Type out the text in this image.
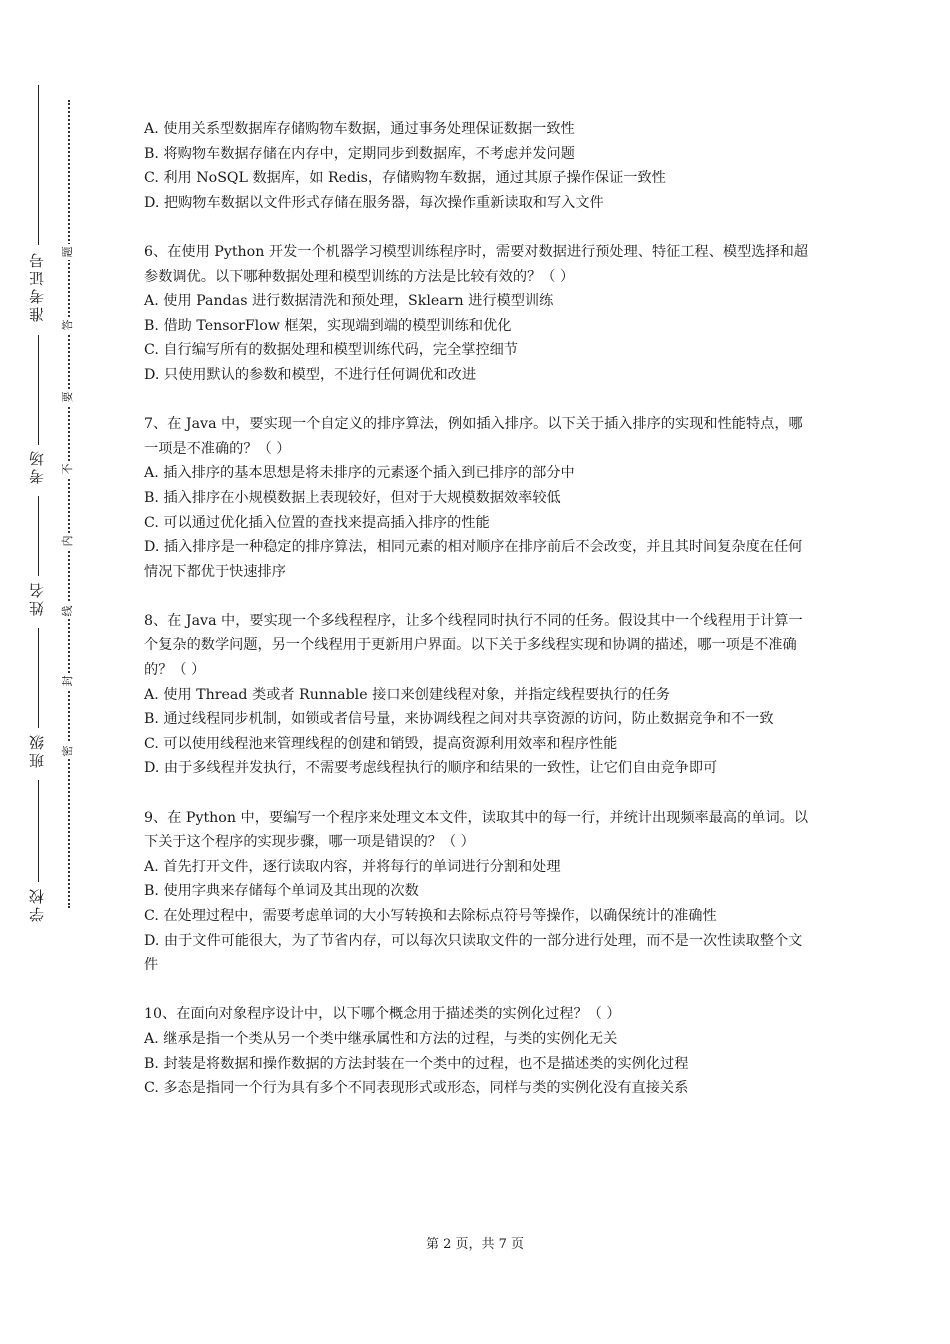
准考证号
考场
姓名
班级
学校
题
答
要
不
内
线
封
密

A. 使用关系型数据库存储购物车数据，通过事务处理保证数据一致性

B. 将购物车数据存储在内存中，定期同步到数据库，不考虑并发问题

C. 利用 NoSQL 数据库，如 Redis，存储购物车数据，通过其原子操作保证一致性

D. 把购物车数据以文件形式存储在服务器，每次操作重新读取和写入文件

6、在使用 Python 开发一个机器学习模型训练程序时，需要对数据进行预处理、特征工程、模型选择和超参数调优。以下哪种数据处理和模型训练的方法是比较有效的？（ ）

A. 使用 Pandas 进行数据清洗和预处理，Sklearn 进行模型训练

B. 借助 TensorFlow 框架，实现端到端的模型训练和优化

C. 自行编写所有的数据处理和模型训练代码，完全掌控细节

D. 只使用默认的参数和模型，不进行任何调优和改进

7、在 Java 中，要实现一个自定义的排序算法，例如插入排序。以下关于插入排序的实现和性能特点，哪一项是不准确的？（ ）

A. 插入排序的基本思想是将未排序的元素逐个插入到已排序的部分中

B. 插入排序在小规模数据上表现较好，但对于大规模数据效率较低

C. 可以通过优化插入位置的查找来提高插入排序的性能

D. 插入排序是一种稳定的排序算法，相同元素的相对顺序在排序前后不会改变，并且其时间复杂度在任何情况下都优于快速排序

8、在 Java 中，要实现一个多线程程序，让多个线程同时执行不同的任务。假设其中一个线程用于计算一个复杂的数学问题，另一个线程用于更新用户界面。以下关于多线程实现和协调的描述，哪一项是不准确的？（ ）

A. 使用 Thread 类或者 Runnable 接口来创建线程对象，并指定线程要执行的任务

B. 通过线程同步机制，如锁或者信号量，来协调线程之间对共享资源的访问，防止数据竞争和不一致

C. 可以使用线程池来管理线程的创建和销毁，提高资源利用效率和程序性能

D. 由于多线程并发执行，不需要考虑线程执行的顺序和结果的一致性，让它们自由竞争即可

9、在 Python 中，要编写一个程序来处理文本文件，读取其中的每一行，并统计出现频率最高的单词。以下关于这个程序的实现步骤，哪一项是错误的？（ ）

A. 首先打开文件，逐行读取内容，并将每行的单词进行分割和处理

B. 使用字典来存储每个单词及其出现的次数

C. 在处理过程中，需要考虑单词的大小写转换和去除标点符号等操作，以确保统计的准确性

D. 由于文件可能很大，为了节省内存，可以每次只读取文件的一部分进行处理，而不是一次性读取整个文件

10、在面向对象程序设计中，以下哪个概念用于描述类的实例化过程？（ ）

A. 继承是指一个类从另一个类中继承属性和方法的过程，与类的实例化无关

B. 封装是将数据和操作数据的方法封装在一个类中的过程，也不是描述类的实例化过程

C. 多态是指同一个行为具有多个不同表现形式或形态，同样与类的实例化没有直接关系

第 2 页，共 7 页
